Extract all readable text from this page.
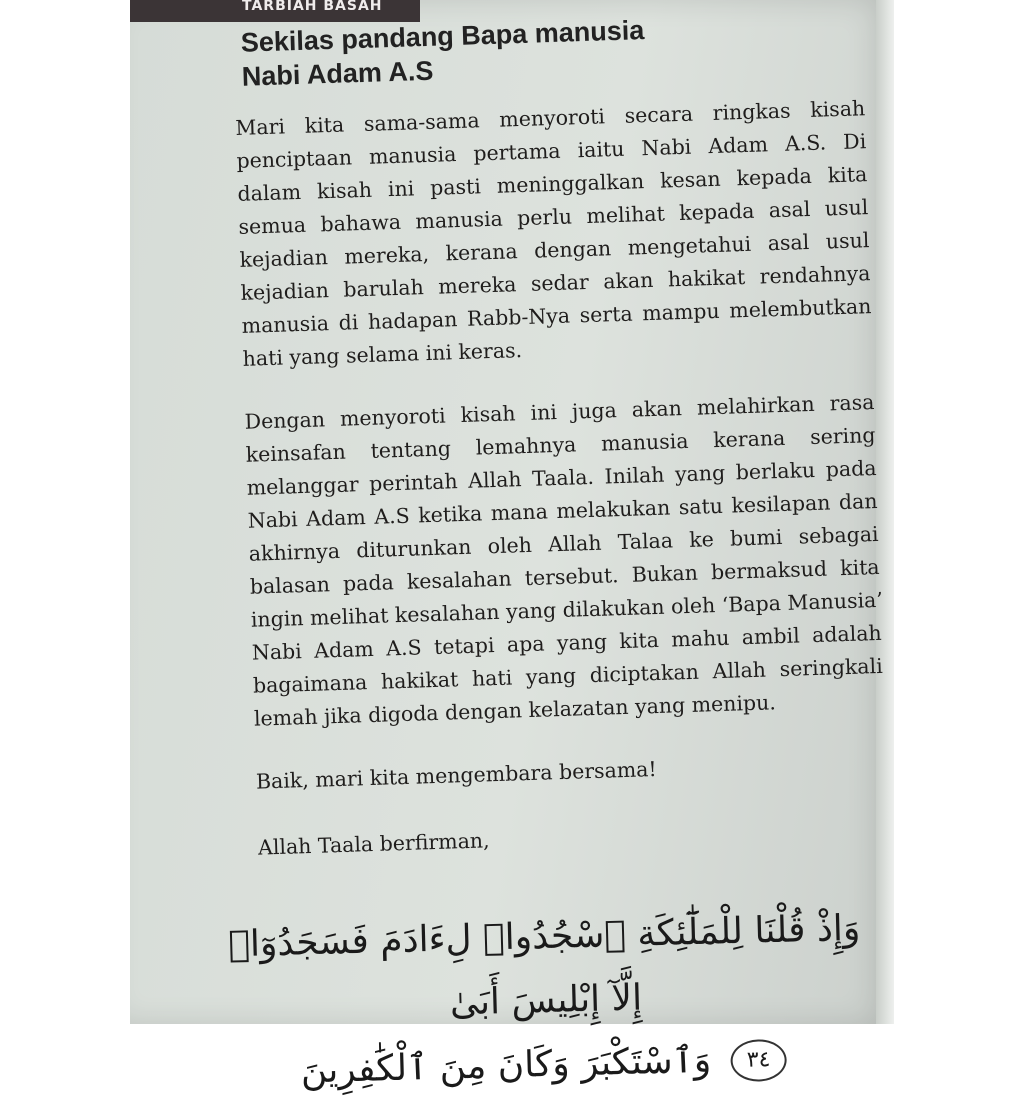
TARBIAH BASAH
Sekilas pandang Bapa manusia
Nabi Adam A.S
Mari kita sama-sama menyoroti secara ringkas kisah
penciptaan manusia pertama iaitu Nabi Adam A.S. Di
dalam kisah ini pasti meninggalkan kesan kepada kita
semua bahawa manusia perlu melihat kepada asal usul
kejadian mereka, kerana dengan mengetahui asal usul
kejadian barulah mereka sedar akan hakikat rendahnya
manusia di hadapan Rabb-Nya serta mampu melembutkan
hati yang selama ini keras.
Dengan menyoroti kisah ini juga akan melahirkan rasa
keinsafan tentang lemahnya manusia kerana sering
melanggar perintah Allah Taala. Inilah yang berlaku pada
Nabi Adam A.S ketika mana melakukan satu kesilapan dan
akhirnya diturunkan oleh Allah Talaa ke bumi sebagai
balasan pada kesalahan tersebut. Bukan bermaksud kita
ingin melihat kesalahan yang dilakukan oleh ‘Bapa Manusia’
Nabi Adam A.S tetapi apa yang kita mahu ambil adalah
bagaimana hakikat hati yang diciptakan Allah seringkali
lemah jika digoda dengan kelazatan yang menipu.
Baik, mari kita mengembara bersama!
Allah Taala berfirman,
وَإِذْ قُلْنَا لِلْمَلَٰٓئِكَةِ ٱسْجُدُوا۟ لِءَادَمَ فَسَجَدُوٓا۟ إِلَّآ إِبْلِيسَ أَبَىٰ
٣٤ وَٱسْتَكْبَرَ وَكَانَ مِنَ ٱلْكَٰفِرِينَ
